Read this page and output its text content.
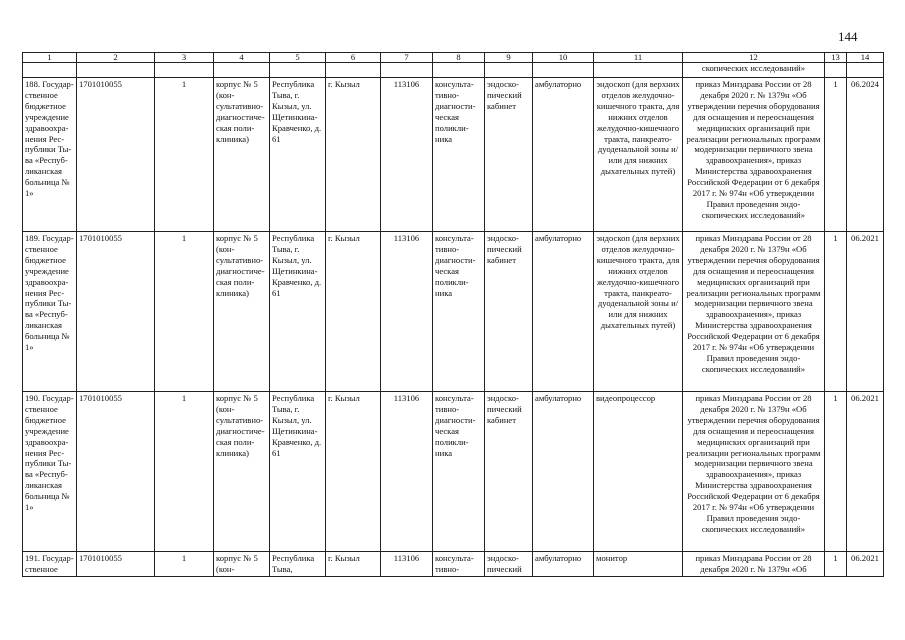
144
1	2	3	4	5	6	7	8	9	10	11	12	13	14
											скопических исследований»		
188. Государственное бюджетное учреждение здравоохранения Республики Тыва «Республиканская больница № 1»	1701010055	1	корпус № 5 (консультативно-диагностическая поликлиника)	Республика Тыва, г. Кызыл, ул. Щетинкина-Кравченко, д. 61	г. Кызыл	113106	консультативно-диагностическая поликлиника	эндоскопический кабинет	амбулаторно	эндоскоп (для верхних отделов желудочно-кишечного тракта, для нижних отделов желудочно-кишечного тракта, панкреатодуоденальной зоны и/или для нижних дыхательных путей)	приказ Минздрава России от 28 декабря 2020 г. № 1379н «Об утверждении перечня оборудования для оснащения и переоснащения медицинских организаций при реализации региональных программ модернизации первичного звена здравоохранения», приказ Министерства здравоохранения Российской Федерации от 6 декабря 2017 г. № 974н «Об утверждении Правил проведения эндоскопических исследований»	1	06.2024
189. Государственное бюджетное учреждение здравоохранения Республики Тыва «Республиканская больница № 1»	1701010055	1	корпус № 5 (консультативно-диагностическая поликлиника)	Республика Тыва, г. Кызыл, ул. Щетинкина-Кравченко, д. 61	г. Кызыл	113106	консультативно-диагностическая поликлиника	эндоскопический кабинет	амбулаторно	эндоскоп (для верхних отделов желудочно-кишечного тракта, для нижних отделов желудочно-кишечного тракта, панкреатодуоденальной зоны и/или для нижних дыхательных путей)	приказ Минздрава России от 28 декабря 2020 г. № 1379н «Об утверждении перечня оборудования для оснащения и переоснащения медицинских организаций при реализации региональных программ модернизации первичного звена здравоохранения», приказ Министерства здравоохранения Российской Федерации от 6 декабря 2017 г. № 974н «Об утверждении Правил проведения эндоскопических исследований»	1	06.2021
190. Государственное бюджетное учреждение здравоохранения Республики Тыва «Республиканская больница № 1»	1701010055	1	корпус № 5 (консультативно-диагностическая поликлиника)	Республика Тыва, г. Кызыл, ул. Щетинкина-Кравченко, д. 61	г. Кызыл	113106	консультативно-диагностическая поликлиника	эндоскопический кабинет	амбулаторно	видеопроцессор	приказ Минздрава России от 28 декабря 2020 г. № 1379н «Об утверждении перечня оборудования для оснащения и переоснащения медицинских организаций при реализации региональных программ модернизации первичного звена здравоохранения», приказ Министерства здравоохранения Российской Федерации от 6 декабря 2017 г. № 974н «Об утверждении Правил проведения эндоскопических исследований»	1	06.2021
191. Государственное	1701010055	1	корпус № 5 (кон-	Республика Тыва,	г. Кызыл	113106	консультативно-	эндоскопический	амбулаторно	монитор	приказ Минздрава России от 28 декабря 2020 г. № 1379н «Об	1	06.2021
